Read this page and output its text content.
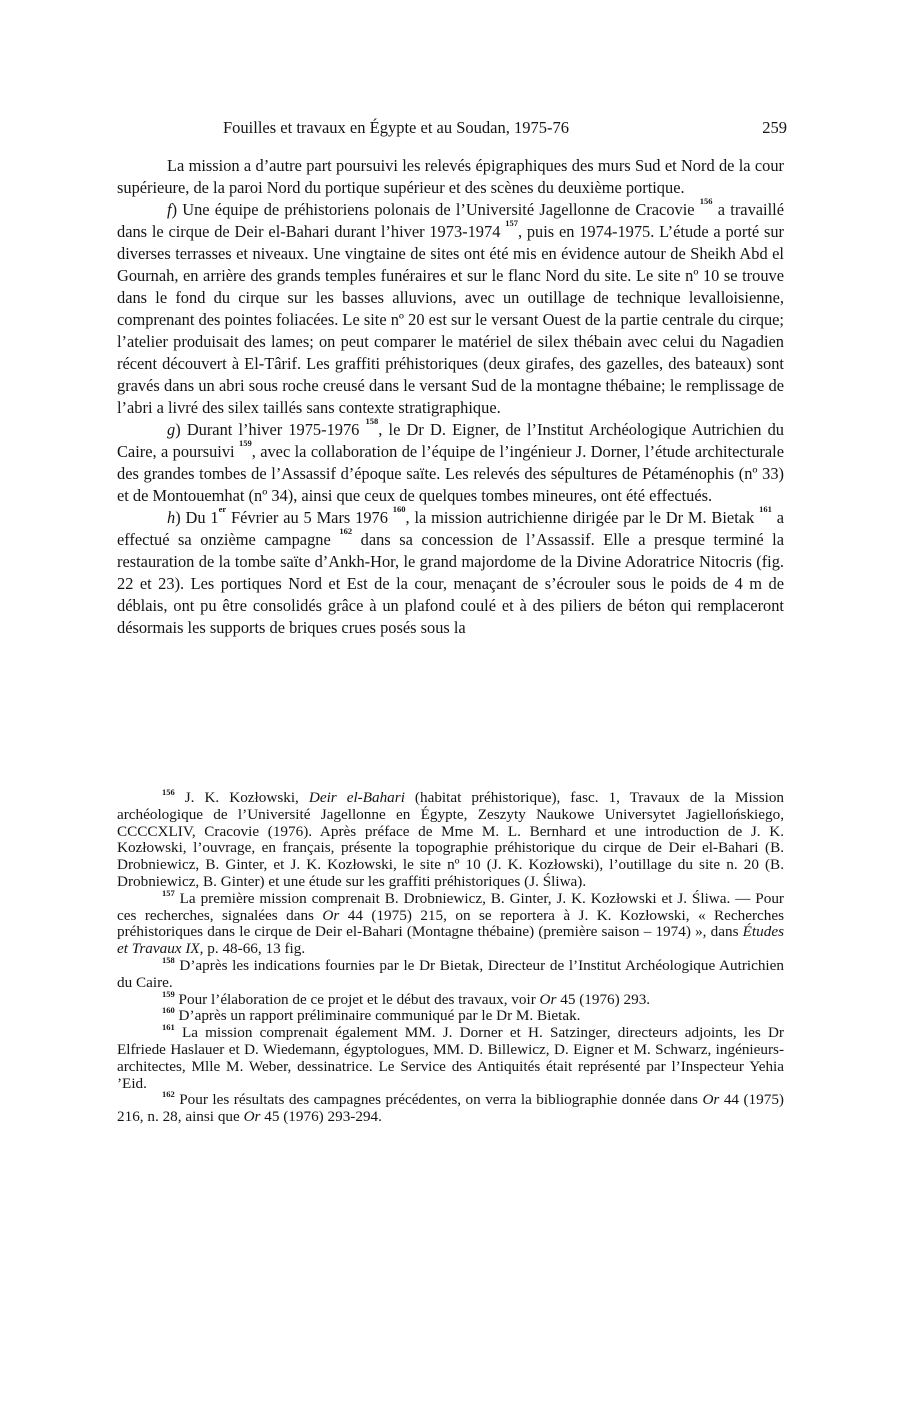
Fouilles et travaux en Égypte et au Soudan, 1975-76	259

La mission a d’autre part poursuivi les relevés épigraphiques des murs Sud et Nord de la cour supérieure, de la paroi Nord du portique supérieur et des scènes du deuxième portique.

f) Une équipe de préhistoriens polonais de l’Université Jagellonne de Cracovie $^{156}$ a travaillé dans le cirque de Deir el-Bahari durant l’hiver 1973-1974 $^{157}$, puis en 1974-1975. L’étude a porté sur diverses terrasses et niveaux. Une vingtaine de sites ont été mis en évidence autour de Sheikh Abd el Gournah, en arrière des grands temples funéraires et sur le flanc Nord du site. Le site nº 10 se trouve dans le fond du cirque sur les basses alluvions, avec un outillage de technique levalloisienne, comprenant des pointes foliacées. Le site nº 20 est sur le versant Ouest de la partie centrale du cirque; l’atelier produisait des lames; on peut comparer le matériel de silex thébain avec celui du Nagadien récent découvert à El-Târif. Les graffiti préhistoriques (deux girafes, des gazelles, des bateaux) sont gravés dans un abri sous roche creusé dans le versant Sud de la montagne thébaine; le remplissage de l’abri a livré des silex taillés sans contexte stratigraphique.

g) Durant l’hiver 1975-1976 $^{158}$, le Dr D. Eigner, de l’Institut Archéologique Autrichien du Caire, a poursuivi $^{159}$, avec la collaboration de l’équipe de l’ingénieur J. Dorner, l’étude architecturale des grandes tombes de l’Assassif d’époque saïte. Les relevés des sépultures de Pétaménophis (nº 33) et de Montouemhat (nº 34), ainsi que ceux de quelques tombes mineures, ont été effectués.

h) Du 1er Février au 5 Mars 1976 $^{160}$, la mission autrichienne dirigée par le Dr M. Bietak $^{161}$ a effectué sa onzième campagne $^{162}$ dans sa concession de l’Assassif. Elle a presque terminé la restauration de la tombe saïte d’Ankh-Hor, le grand majordome de la Divine Adoratrice Nitocris (fig. 22 et 23). Les portiques Nord et Est de la cour, menaçant de s’écrouler sous le poids de 4 m de déblais, ont pu être consolidés grâce à un plafond coulé et à des piliers de béton qui remplaceront désormais les supports de briques crues posés sous la

$^{156}$ J. K. Kozłowski, Deir el-Bahari (habitat préhistorique), fasc. 1, Travaux de la Mission archéologique de l’Université Jagellonne en Égypte, Zeszyty Naukowe Universytet Jagiellońskiego, CCCCXLIV, Cracovie (1976). Après préface de Mme M. L. Bernhard et une introduction de J. K. Kozłowski, l’ouvrage, en français, présente la topographie préhistorique du cirque de Deir el-Bahari (B. Drobniewicz, B. Ginter, et J. K. Kozłowski, le site nº 10 (J. K. Kozłowski), l’outillage du site n. 20 (B. Drobniewicz, B. Ginter) et une étude sur les graffiti préhistoriques (J. Śliwa).

$^{157}$ La première mission comprenait B. Drobniewicz, B. Ginter, J. K. Kozłowski et J. Śliwa. — Pour ces recherches, signalées dans Or 44 (1975) 215, on se reportera à J. K. Kozłowski, « Recherches préhistoriques dans le cirque de Deir el-Bahari (Montagne thébaine) (première saison – 1974) », dans Études et Travaux IX, p. 48-66, 13 fig.

$^{158}$ D’après les indications fournies par le Dr Bietak, Directeur de l’Institut Archéologique Autrichien du Caire.

$^{159}$ Pour l’élaboration de ce projet et le début des travaux, voir Or 45 (1976) 293.

$^{160}$ D’après un rapport préliminaire communiqué par le Dr M. Bietak.

$^{161}$ La mission comprenait également MM. J. Dorner et H. Satzinger, directeurs adjoints, les Dr Elfriede Haslauer et D. Wiedemann, égyptologues, MM. D. Billewicz, D. Eigner et M. Schwarz, ingénieurs-architectes, Mlle M. Weber, dessinatrice. Le Service des Antiquités était représenté par l’Inspecteur Yehia ’Eid.

$^{162}$ Pour les résultats des campagnes précédentes, on verra la bibliographie donnée dans Or 44 (1975) 216, n. 28, ainsi que Or 45 (1976) 293-294.
